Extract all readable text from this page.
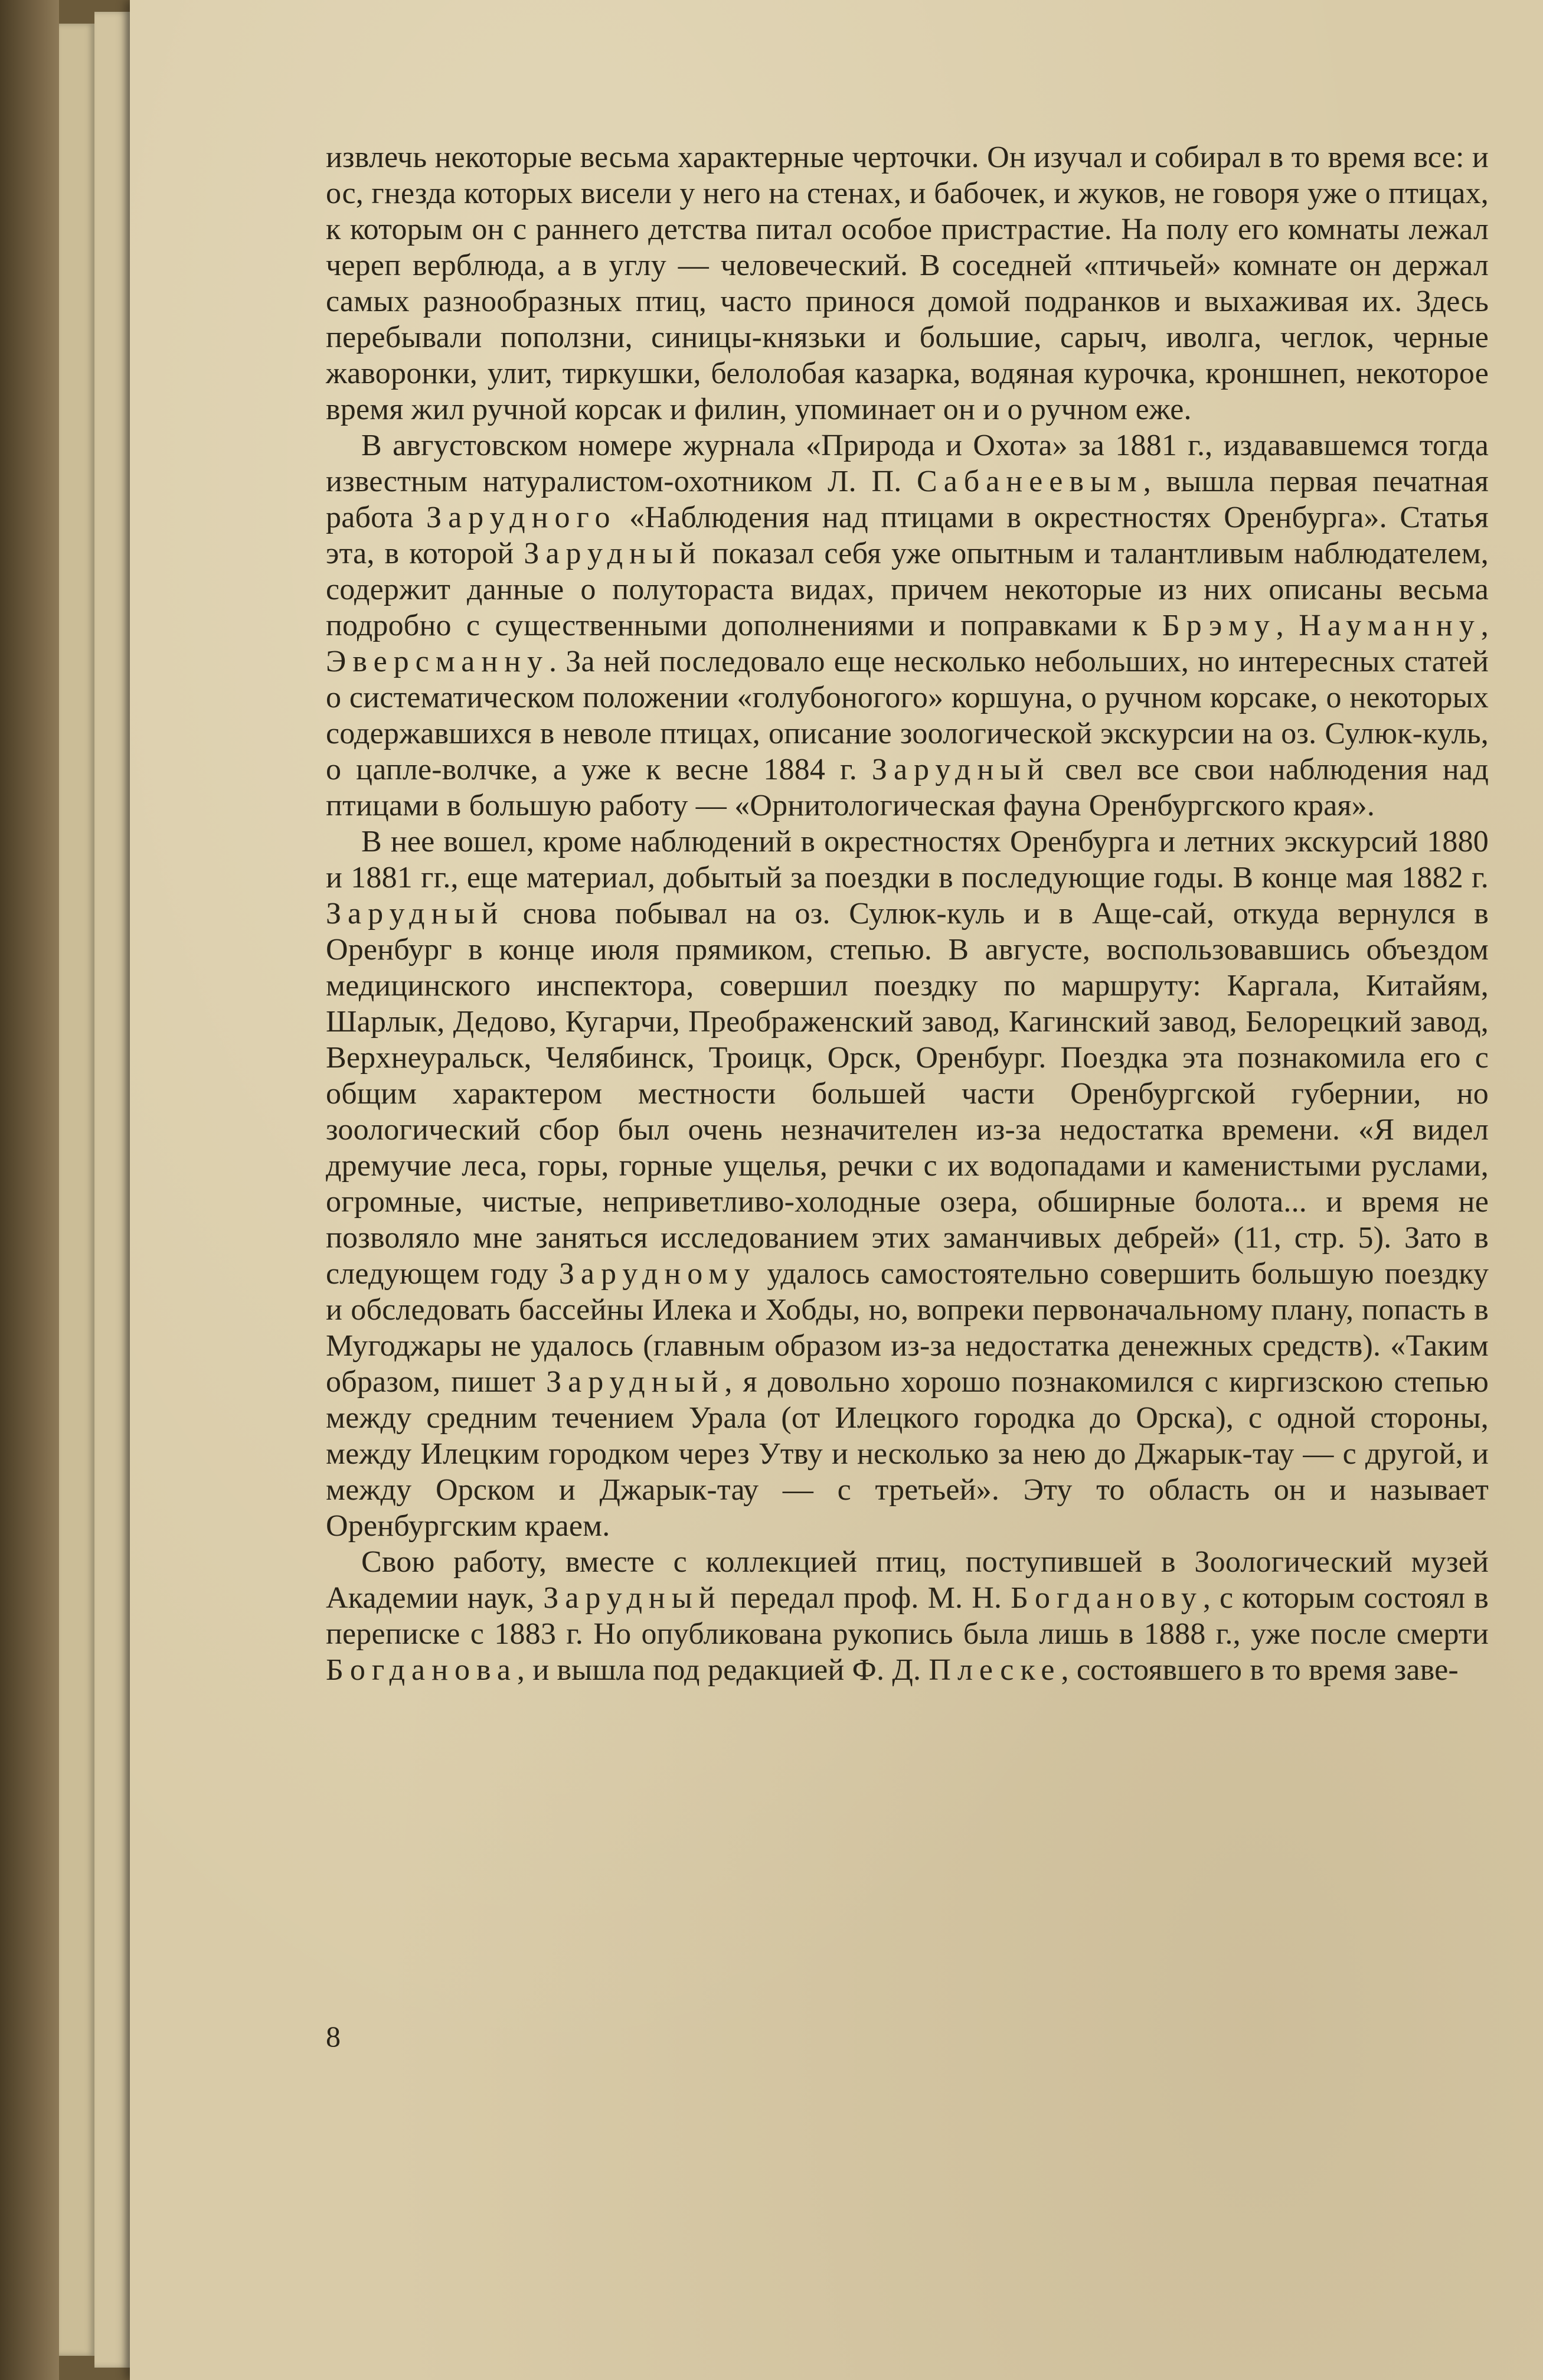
извлечь некоторые весьма характерные черточки. Он изучал и собирал в то время все: и ос, гнезда которых висели у него на стенах, и бабочек, и жуков, не говоря уже о птицах, к которым он с раннего детства питал особое пристрастие. На полу его комнаты лежал череп верблюда, а в углу — человеческий. В соседней «птичьей» комнате он держал самых разнообразных птиц, часто принося домой подранков и выхаживая их. Здесь перебывали поползни, синицы-князьки и большие, сарыч, иволга, чеглок, черные жаворонки, улит, тиркушки, белолобая казарка, водяная курочка, кроншнеп, некоторое время жил ручной корсак и филин, упоминает он и о ручном еже.

В августовском номере журнала «Природа и Охота» за 1881 г., издававшемся тогда известным натуралистом-охотником Л. П. Сабанеевым, вышла первая печатная работа Зарудного «Наблюдения над птицами в окрестностях Оренбурга». Статья эта, в которой Зарудный показал себя уже опытным и талантливым наблюдателем, содержит данные о полутораста видах, причем некоторые из них описаны весьма подробно с существенными дополнениями и поправками к Брэму, Науманну, Эверсманну. За ней последовало еще несколько небольших, но интересных статей о систематическом положении «голубоногого» коршуна, о ручном корсаке, о некоторых содержавшихся в неволе птицах, описание зоологической экскурсии на оз. Сулюк-куль, о цапле-волчке, а уже к весне 1884 г. Зарудный свел все свои наблюдения над птицами в большую работу — «Орнитологическая фауна Оренбургского края».

В нее вошел, кроме наблюдений в окрестностях Оренбурга и летних экскурсий 1880 и 1881 гг., еще материал, добытый за поездки в последующие годы. В конце мая 1882 г. Зарудный снова побывал на оз. Сулюк-куль и в Аще-сай, откуда вернулся в Оренбург в конце июля прямиком, степью. В августе, воспользовавшись объездом медицинского инспектора, совершил поездку по маршруту: Каргала, Китайям, Шарлык, Дедово, Кугарчи, Преображенский завод, Кагинский завод, Белорецкий завод, Верхнеуральск, Челябинск, Троицк, Орск, Оренбург. Поездка эта познакомила его с общим характером местности большей части Оренбургской губернии, но зоологический сбор был очень незначителен из-за недостатка времени. «Я видел дремучие леса, горы, горные ущелья, речки с их водопадами и каменистыми руслами, огромные, чистые, неприветливо-холодные озера, обширные болота... и время не позволяло мне заняться исследованием этих заманчивых дебрей» (11, стр. 5). Зато в следующем году Зарудному удалось самостоятельно совершить большую поездку и обследовать бассейны Илека и Хобды, но, вопреки первоначальному плану, попасть в Мугоджары не удалось (главным образом из-за недостатка денежных средств). «Таким образом, пишет Зарудный, я довольно хорошо познакомился с киргизскою степью между средним течением Урала (от Илецкого городка до Орска), с одной стороны, между Илецким городком через Утву и несколько за нею до Джарык-тау — с другой, и между Орском и Джарык-тау — с третьей». Эту то область он и называет Оренбургским краем.

Свою работу, вместе с коллекцией птиц, поступившей в Зоологический музей Академии наук, Зарудный передал проф. М. Н. Богданову, с которым состоял в переписке с 1883 г. Но опубликована рукопись была лишь в 1888 г., уже после смерти Богданова, и вышла под редакцией Ф. Д. Плеске, состоявшего в то время заве-

8
